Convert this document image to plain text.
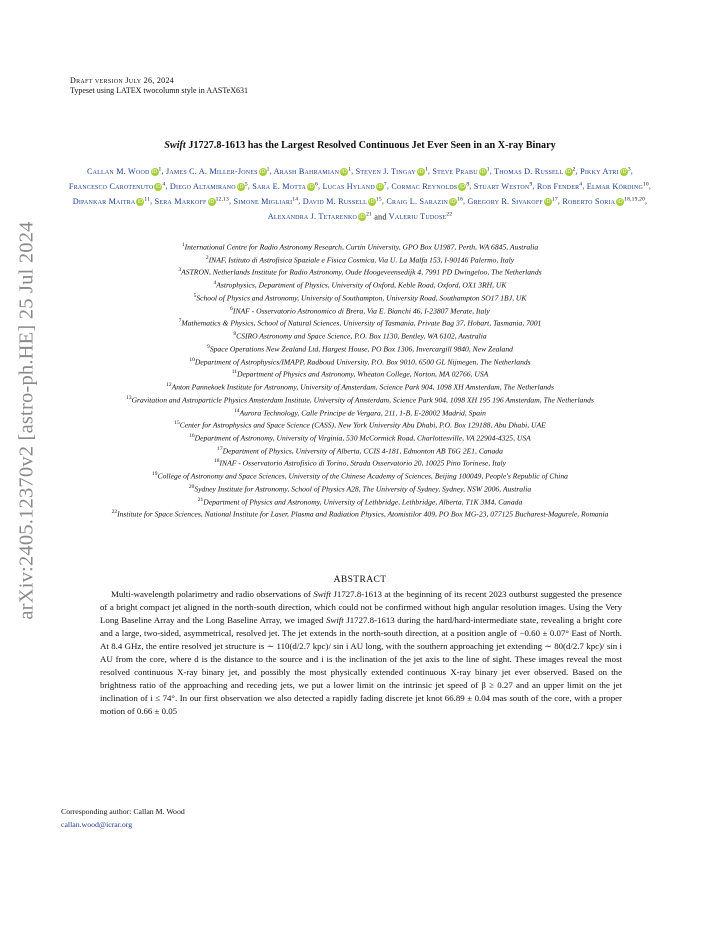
arXiv:2405.12370v2 [astro-ph.HE] 25 Jul 2024
Draft version July 26, 2024
Typeset using LATEX twocolumn style in AASTeX631
Swift J1727.8-1613 has the Largest Resolved Continuous Jet Ever Seen in an X-ray Binary
Callan M. Wood $iD^1$, James C. A. Miller-Jones $iD^1$, Arash Bahramian $iD^1$, Steven J. Tingay $iD^1$, Steve Prabu $iD^1$, Thomas D. Russell $iD^2$, Pikky Atri $iD^3$, Francesco Carotenuto $iD^4$, Diego Altamirano $iD^5$, Sara E. Motta $iD^6$, Lucas Hyland $iD^7$, Cormac Reynolds $iD^8$, Stuart Weston$^9$, Rob Fender$^4$, Elmar Körding$^{10}$, Dipankar Maitra $iD^{11}$, Sera Markoff iD$^{12,13}$, Simone Migliari$^{14}$, David M. Russell $iD^{15}$, Craig L. Sarazin $iD^{16}$, Gregory R. Sivakoff $iD^{17}$, Roberto Soria iD$^{18,19,20}$, Alexandra J. Tetarenko $iD^{21}$ and Valeriu Tudose$^{22}$
$^1$International Centre for Radio Astronomy Research, Curtin University, GPO Box U1987, Perth, WA 6845, Australia
$^2$INAF, Istituto di Astrofisica Spaziale e Fisica Cosmica, Via U. La Malfa 153, I-90146 Palermo, Italy
$^3$ASTRON, Netherlands Institute for Radio Astronomy, Oude Hoogeveensedijk 4, 7991 PD Dwingeloo, The Netherlands
$^4$Astrophysics, Department of Physics, University of Oxford, Keble Road, Oxford, OX1 3RH, UK
$^5$School of Physics and Astronomy, University of Southampton, University Road, Southampton SO17 1BJ, UK
$^6$INAF - Osservatorio Astronomico di Brera, Via E. Bianchi 46, I-23807 Merate, Italy
$^7$Mathematics & Physics, School of Natural Sciences, University of Tasmania, Private Bag 37, Hobart, Tasmania, 7001
$^8$CSIRO Astronomy and Space Science, P.O. Box 1130, Bentley, WA 6102, Australia
$^9$Space Operations New Zealand Ltd, Hargest House, PO Box 1306, Invercargill 9840, New Zealand
$^{10}$Department of Astrophysics/IMAPP, Radboud University, P.O. Box 9010, 6500 GL Nijmegen, The Netherlands
$^{11}$Department of Physics and Astronomy, Wheaton College, Norton, MA 02766, USA
$^{12}$Anton Pannekoek Institute for Astronomy, University of Amsterdam, Science Park 904, 1098 XH Amsterdam, The Netherlands
$^{13}$Gravitation and Astroparticle Physics Amsterdam Institute, University of Amsterdam, Science Park 904, 1098 XH 195 196 Amsterdam, The Netherlands
$^{14}$Aurora Technology, Calle Principe de Vergara, 211, 1-B, E-28002 Madrid, Spain
$^{15}$Center for Astrophysics and Space Science (CASS), New York University Abu Dhabi, P.O. Box 129188, Abu Dhabi, UAE
$^{16}$Department of Astronomy, University of Virginia, 530 McCormick Road, Charlottesville, VA 22904-4325, USA
$^{17}$Department of Physics, University of Alberta, CCIS 4-181, Edmonton AB T6G 2E1, Canada
$^{18}$INAF - Osservatorio Astrofisico di Torino, Strada Osservatorio 20, 10025 Pino Torinese, Italy
$^{19}$College of Astronomy and Space Sciences, University of the Chinese Academy of Sciences, Beijing 100049, People's Republic of China
$^{20}$Sydney Institute for Astronomy, School of Physics A28, The University of Sydney, Sydney, NSW 2006, Australia
$^{21}$Department of Physics and Astronomy, University of Lethbridge, Lethbridge, Alberta, T1K 3M4, Canada
$^{22}$Institute for Space Sciences, National Institute for Laser, Plasma and Radiation Physics, Atomistilor 409, PO Box MG-23, 077125 Bucharest-Magurele, Romania
ABSTRACT
Multi-wavelength polarimetry and radio observations of Swift J1727.8-1613 at the beginning of its recent 2023 outburst suggested the presence of a bright compact jet aligned in the north-south direction, which could not be confirmed without high angular resolution images. Using the Very Long Baseline Array and the Long Baseline Array, we imaged Swift J1727.8-1613 during the hard/hard-intermediate state, revealing a bright core and a large, two-sided, asymmetrical, resolved jet. The jet extends in the north-south direction, at a position angle of −0.60 ± 0.07° East of North. At 8.4 GHz, the entire resolved jet structure is ∼ 110(d/2.7 kpc)/ sin i AU long, with the southern approaching jet extending ∼ 80(d/2.7 kpc)/ sin i AU from the core, where d is the distance to the source and i is the inclination of the jet axis to the line of sight. These images reveal the most resolved continuous X-ray binary jet, and possibly the most physically extended continuous X-ray binary jet ever observed. Based on the brightness ratio of the approaching and receding jets, we put a lower limit on the intrinsic jet speed of β ≥ 0.27 and an upper limit on the jet inclination of i ≤ 74°. In our first observation we also detected a rapidly fading discrete jet knot 66.89 ± 0.04 mas south of the core, with a proper motion of 0.66 ± 0.05
Corresponding author: Callan M. Wood
callan.wood@icrar.org
